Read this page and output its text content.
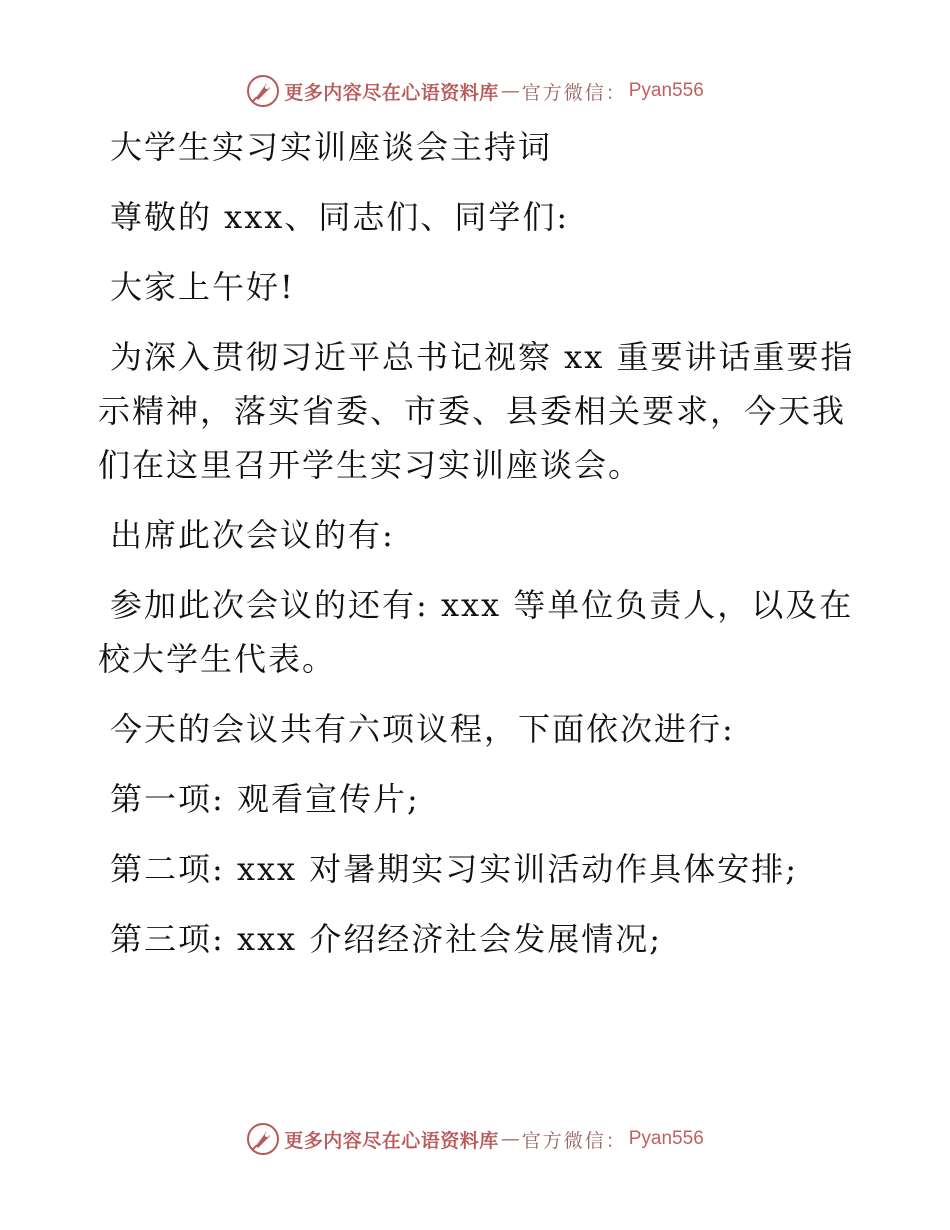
更多内容尽在心语资料库 — 官方微信： Pyan556
大学生实习实训座谈会主持词
尊敬的 xxx、同志们、同学们:
大家上午好!
为深入贯彻习近平总书记视察 xx 重要讲话重要指
示精神，落实省委、市委、县委相关要求，今天我
们在这里召开学生实习实训座谈会。
出席此次会议的有:
参加此次会议的还有: xxx 等单位负责人，以及在
校大学生代表。
今天的会议共有六项议程，下面依次进行:
第一项: 观看宣传片;
第二项: xxx 对暑期实习实训活动作具体安排;
第三项: xxx 介绍经济社会发展情况;
更多内容尽在心语资料库 — 官方微信： Pyan556
